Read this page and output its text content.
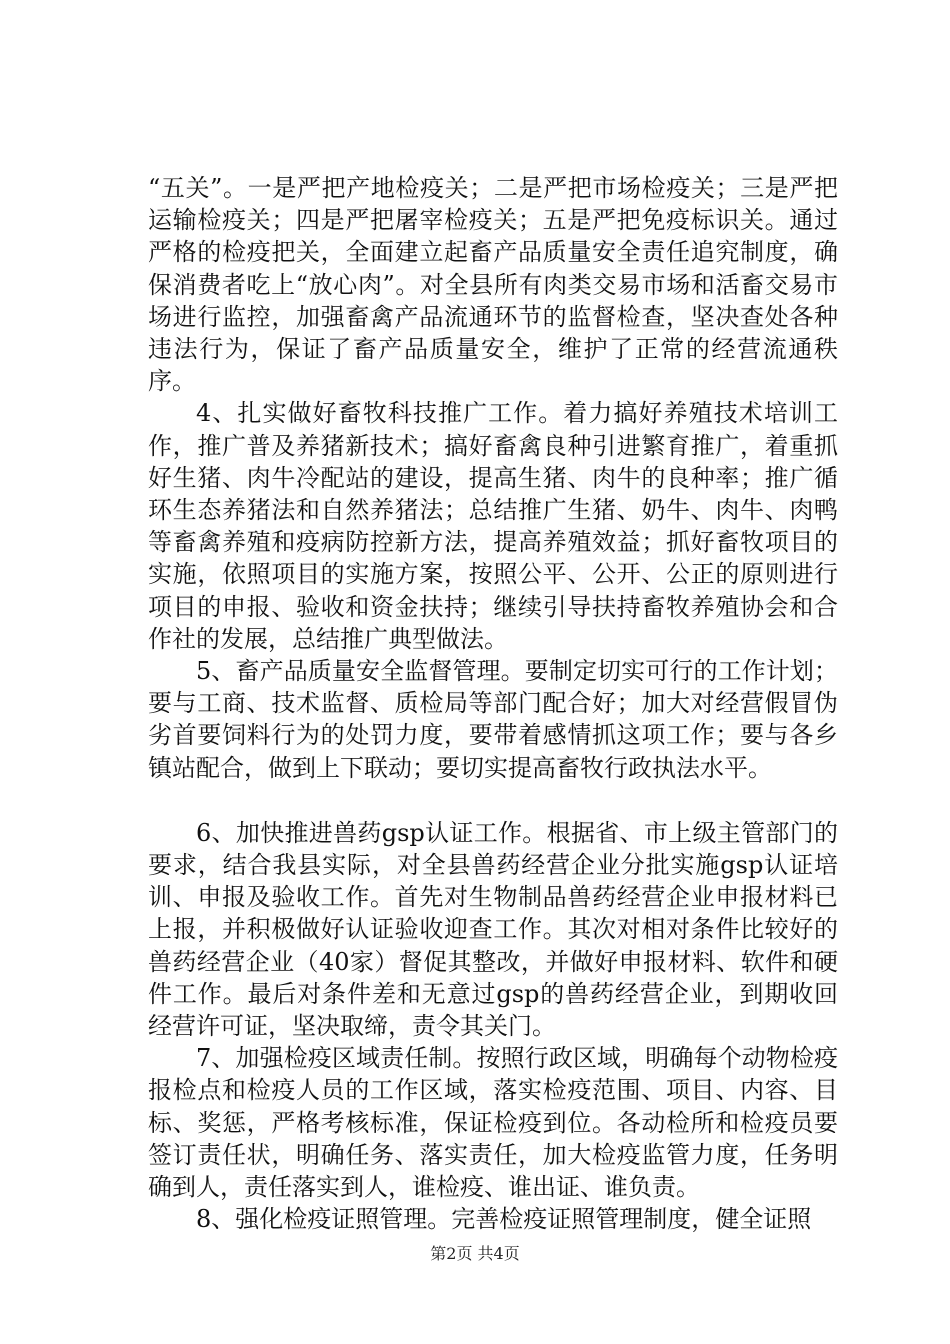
“五关”。一是严把产地检疫关；二是严把市场检疫关；三是严把运输检疫关；四是严把屠宰检疫关；五是严把免疫标识关。通过严格的检疫把关，全面建立起畜产品质量安全责任追究制度，确保消费者吃上“放心肉”。对全县所有肉类交易市场和活畜交易市场进行监控，加强畜禽产品流通环节的监督检查，坚决查处各种违法行为，保证了畜产品质量安全，维护了正常的经营流通秩序。

4、扎实做好畜牧科技推广工作。着力搞好养殖技术培训工作，推广普及养猪新技术；搞好畜禽良种引进繁育推广，着重抓好生猪、肉牛冷配站的建设，提高生猪、肉牛的良种率；推广循环生态养猪法和自然养猪法；总结推广生猪、奶牛、肉牛、肉鸭等畜禽养殖和疫病防控新方法，提高养殖效益；抓好畜牧项目的实施，依照项目的实施方案，按照公平、公开、公正的原则进行项目的申报、验收和资金扶持；继续引导扶持畜牧养殖协会和合作社的发展，总结推广典型做法。

5、畜产品质量安全监督管理。要制定切实可行的工作计划；要与工商、技术监督、质检局等部门配合好；加大对经营假冒伪劣首要饲料行为的处罚力度，要带着感情抓这项工作；要与各乡镇站配合，做到上下联动；要切实提高畜牧行政执法水平。

6、加快推进兽药gsp认证工作。根据省、市上级主管部门的要求，结合我县实际，对全县兽药经营企业分批实施gsp认证培训、申报及验收工作。首先对生物制品兽药经营企业申报材料已上报，并积极做好认证验收迎查工作。其次对相对条件比较好的兽药经营企业（40家）督促其整改，并做好申报材料、软件和硬件工作。最后对条件差和无意过gsp的兽药经营企业，到期收回经营许可证，坚决取缔，责令其关门。

7、加强检疫区域责任制。按照行政区域，明确每个动物检疫报检点和检疫人员的工作区域，落实检疫范围、项目、内容、目标、奖惩，严格考核标准，保证检疫到位。各动检所和检疫员要签订责任状，明确任务、落实责任，加大检疫监管力度，任务明确到人，责任落实到人，谁检疫、谁出证、谁负责。

8、强化检疫证照管理。完善检疫证照管理制度，健全证照

第2页 共4页
